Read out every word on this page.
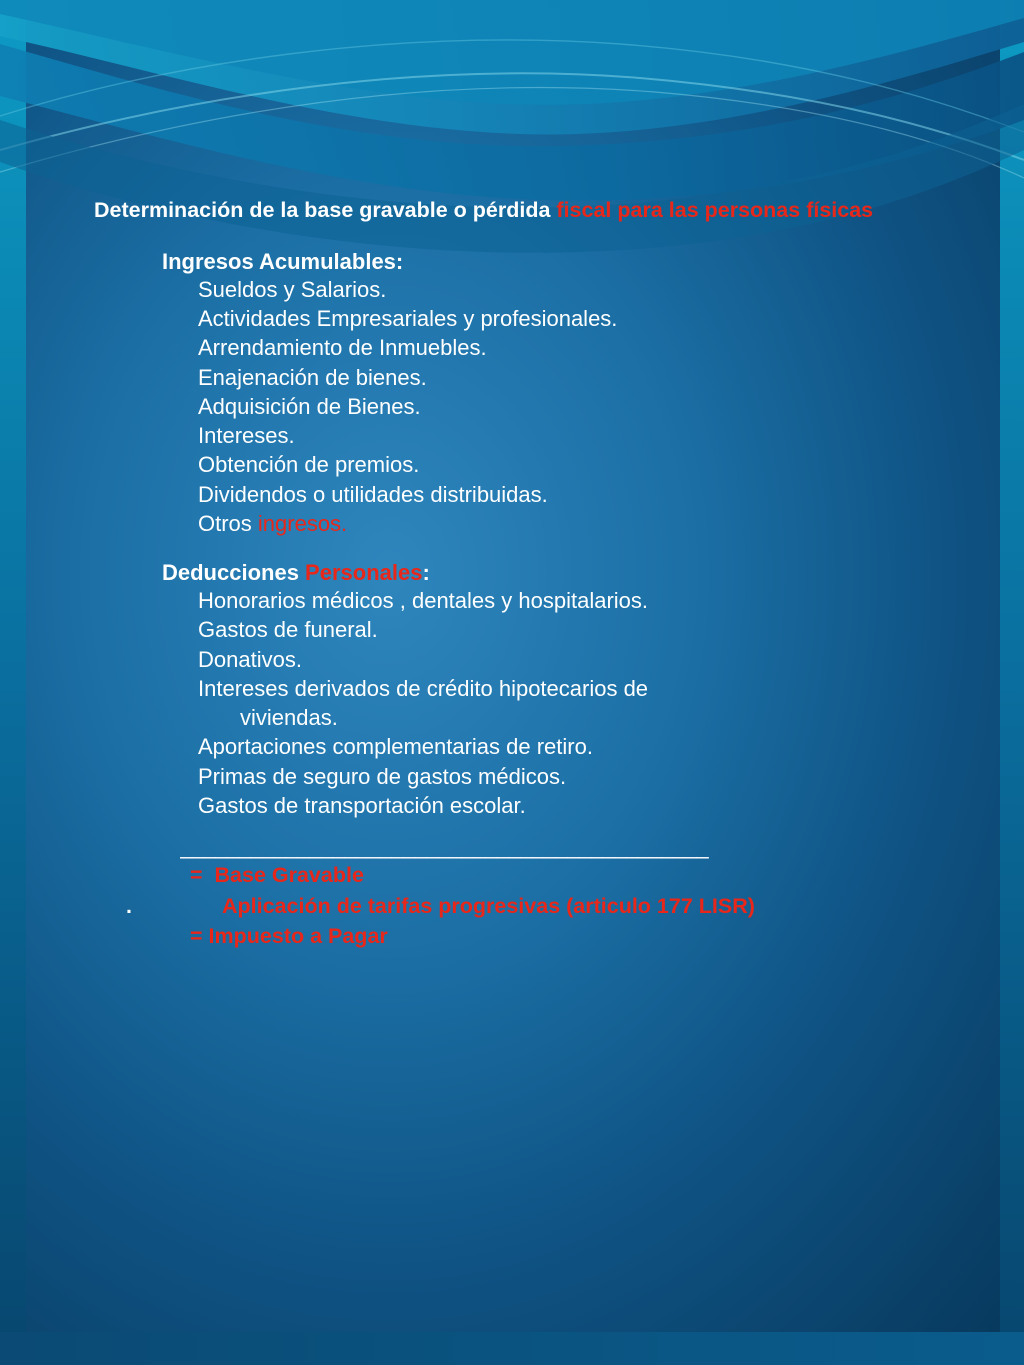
Determinación de la base gravable o pérdida fiscal para las personas físicas
Ingresos Acumulables:
Sueldos y Salarios.
Actividades Empresariales y profesionales.
Arrendamiento de Inmuebles.
Enajenación de bienes.
Adquisición de Bienes.
Intereses.
Obtención de premios.
Dividendos o utilidades distribuidas.
Otros ingresos.
Deducciones Personales:
Honorarios médicos , dentales y hospitalarios.
Gastos de funeral.
Donativos.
Intereses derivados de crédito hipotecarios de
viviendas.
Aportaciones complementarias de retiro.
Primas de seguro de gastos médicos.
Gastos de transportación escolar.
_____________________________________________
= Base Gravable
.	Aplicación de tarifas progresivas (articulo 177 LISR)
= Impuesto a Pagar
